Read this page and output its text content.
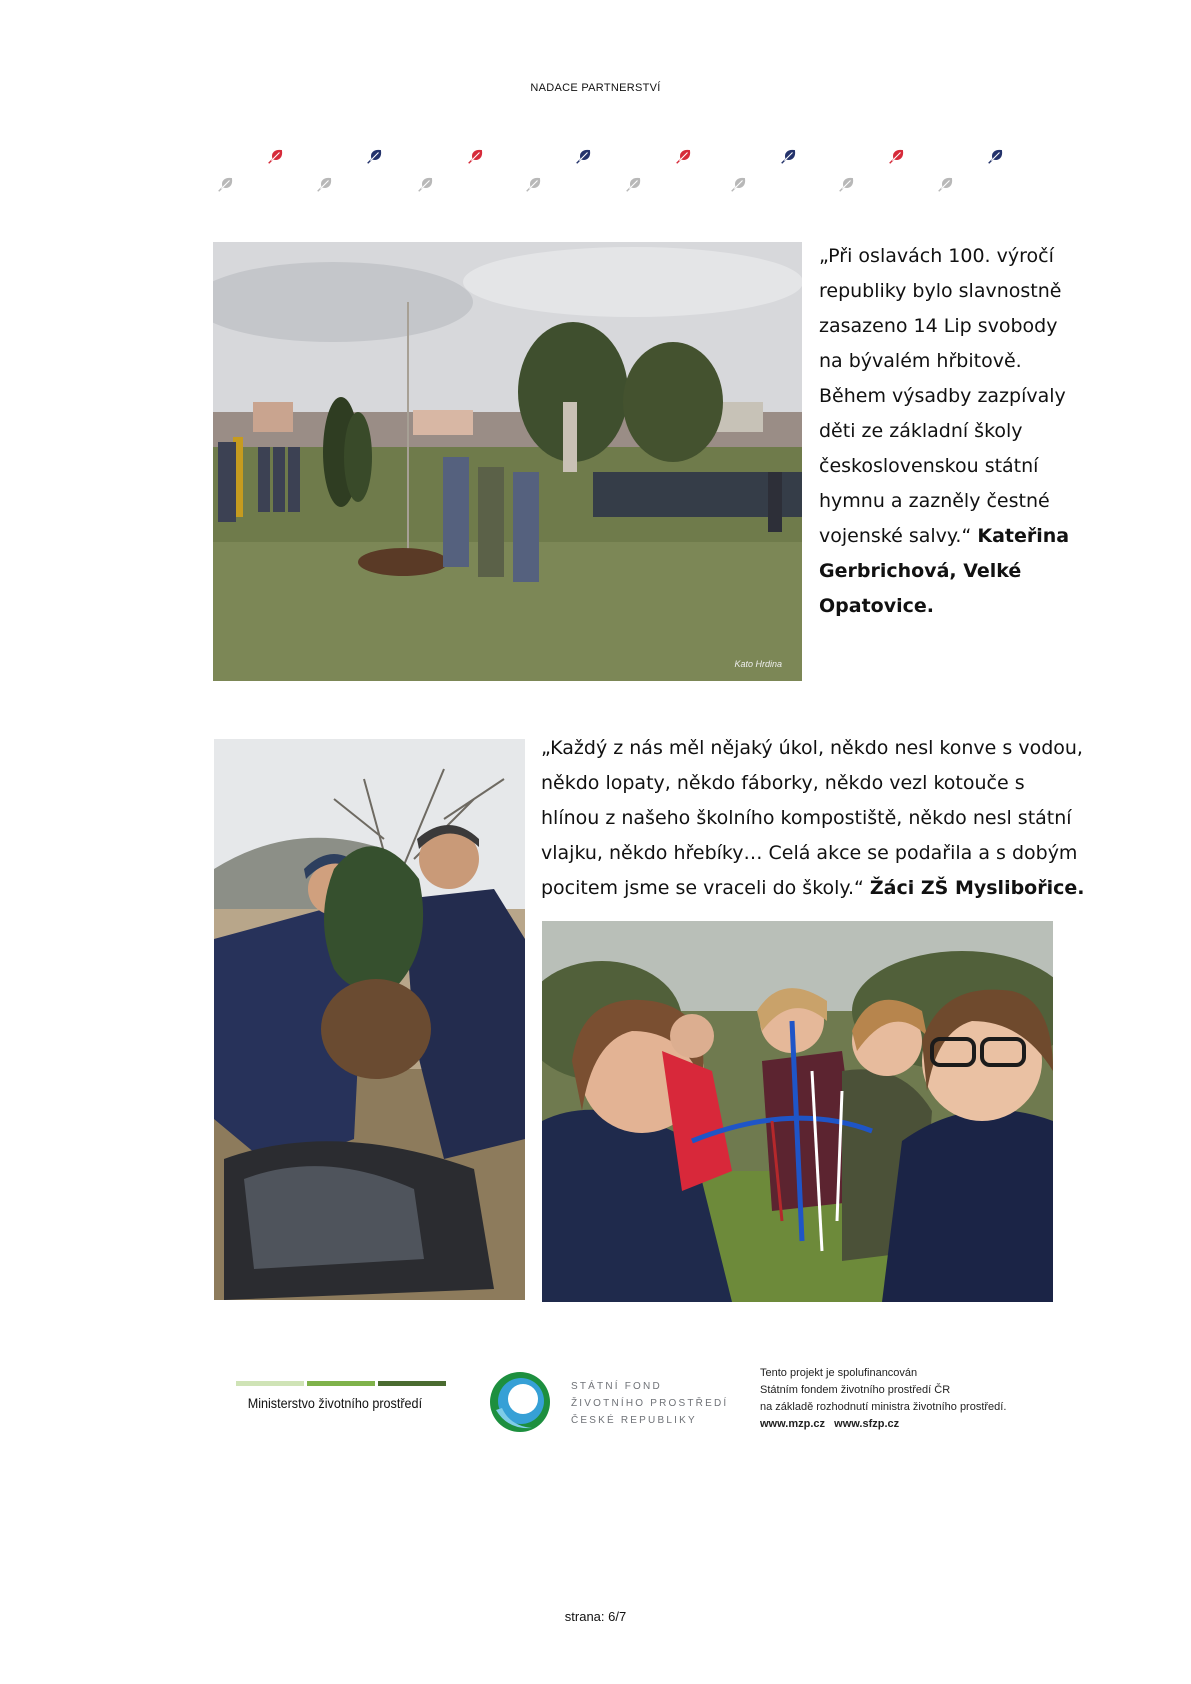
NADACE PARTNERSTVÍ
Kato Hrdina
„Při oslavách 100. výročí
republiky bylo slavnostně
zasazeno 14 Lip svobody
na bývalém hřbitově.
Během výsadby zazpívaly
děti ze základní školy
československou státní
hymnu a zazněly čestné
vojenské salvy.“ Kateřina
Gerbrichová, Velké
Opatovice.
„Každý z nás měl nějaký úkol, někdo nesl konve s vodou,
někdo lopaty, někdo fáborky, někdo vezl kotouče s
hlínou z našeho školního kompostiště, někdo nesl státní
vlajku, někdo hřebíky… Celá akce se podařila a s dobým
pocitem jsme se vraceli do školy.“ Žáci ZŠ Myslibořice.
Ministerstvo životního prostředí
STÁTNÍ FOND
ŽIVOTNÍHO PROSTŘEDÍ
ČESKÉ REPUBLIKY
Tento projekt je spolufinancován
Státním fondem životního prostředí ČR
na základě rozhodnutí ministra životního prostředí.
www.mzp.cz   www.sfzp.cz
strana: 6/7
